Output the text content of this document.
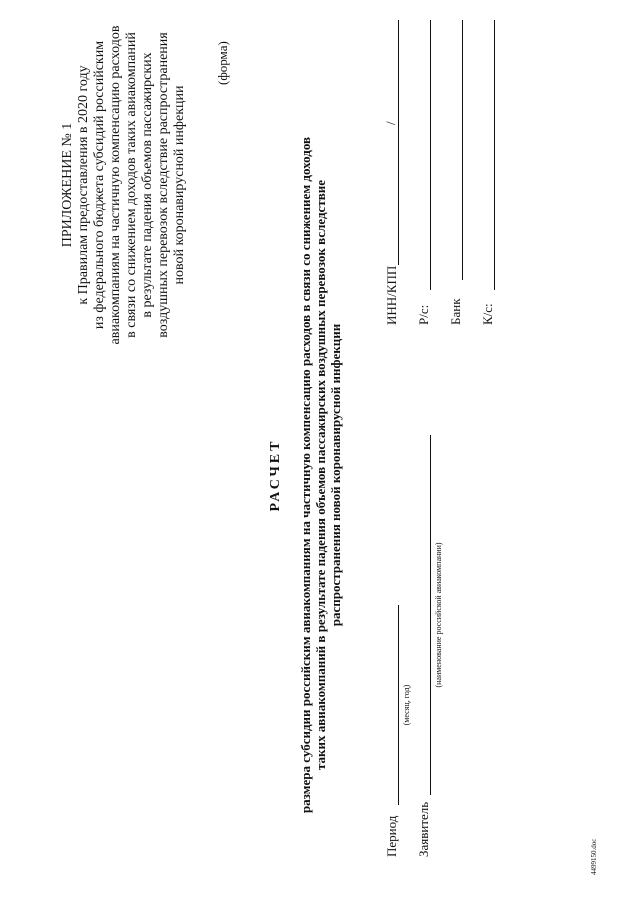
ПРИЛОЖЕНИЕ № 1 к Правилам предоставления в 2020 году из федерального бюджета субсидий российским авиакомпаниям на частичную компенсацию расходов в связи со снижением доходов таких авиакомпаний в результате падения объемов пассажирских воздушных перевозок вследствие распространения новой коронавирусной инфекции
(форма)
РАСЧЕТ размера субсидии российским авиакомпаниям на частичную компенсацию расходов в связи со снижением доходов таких авиакомпаний в результате падения объемов пассажирских воздушных перевозок вследствие распространения новой коронавирусной инфекции
Период
(месяц, год)
Заявитель
(наименование российской авиакомпании)
ИНН/КПП
/
Р/с: Банк К/с:
4499150.doc
